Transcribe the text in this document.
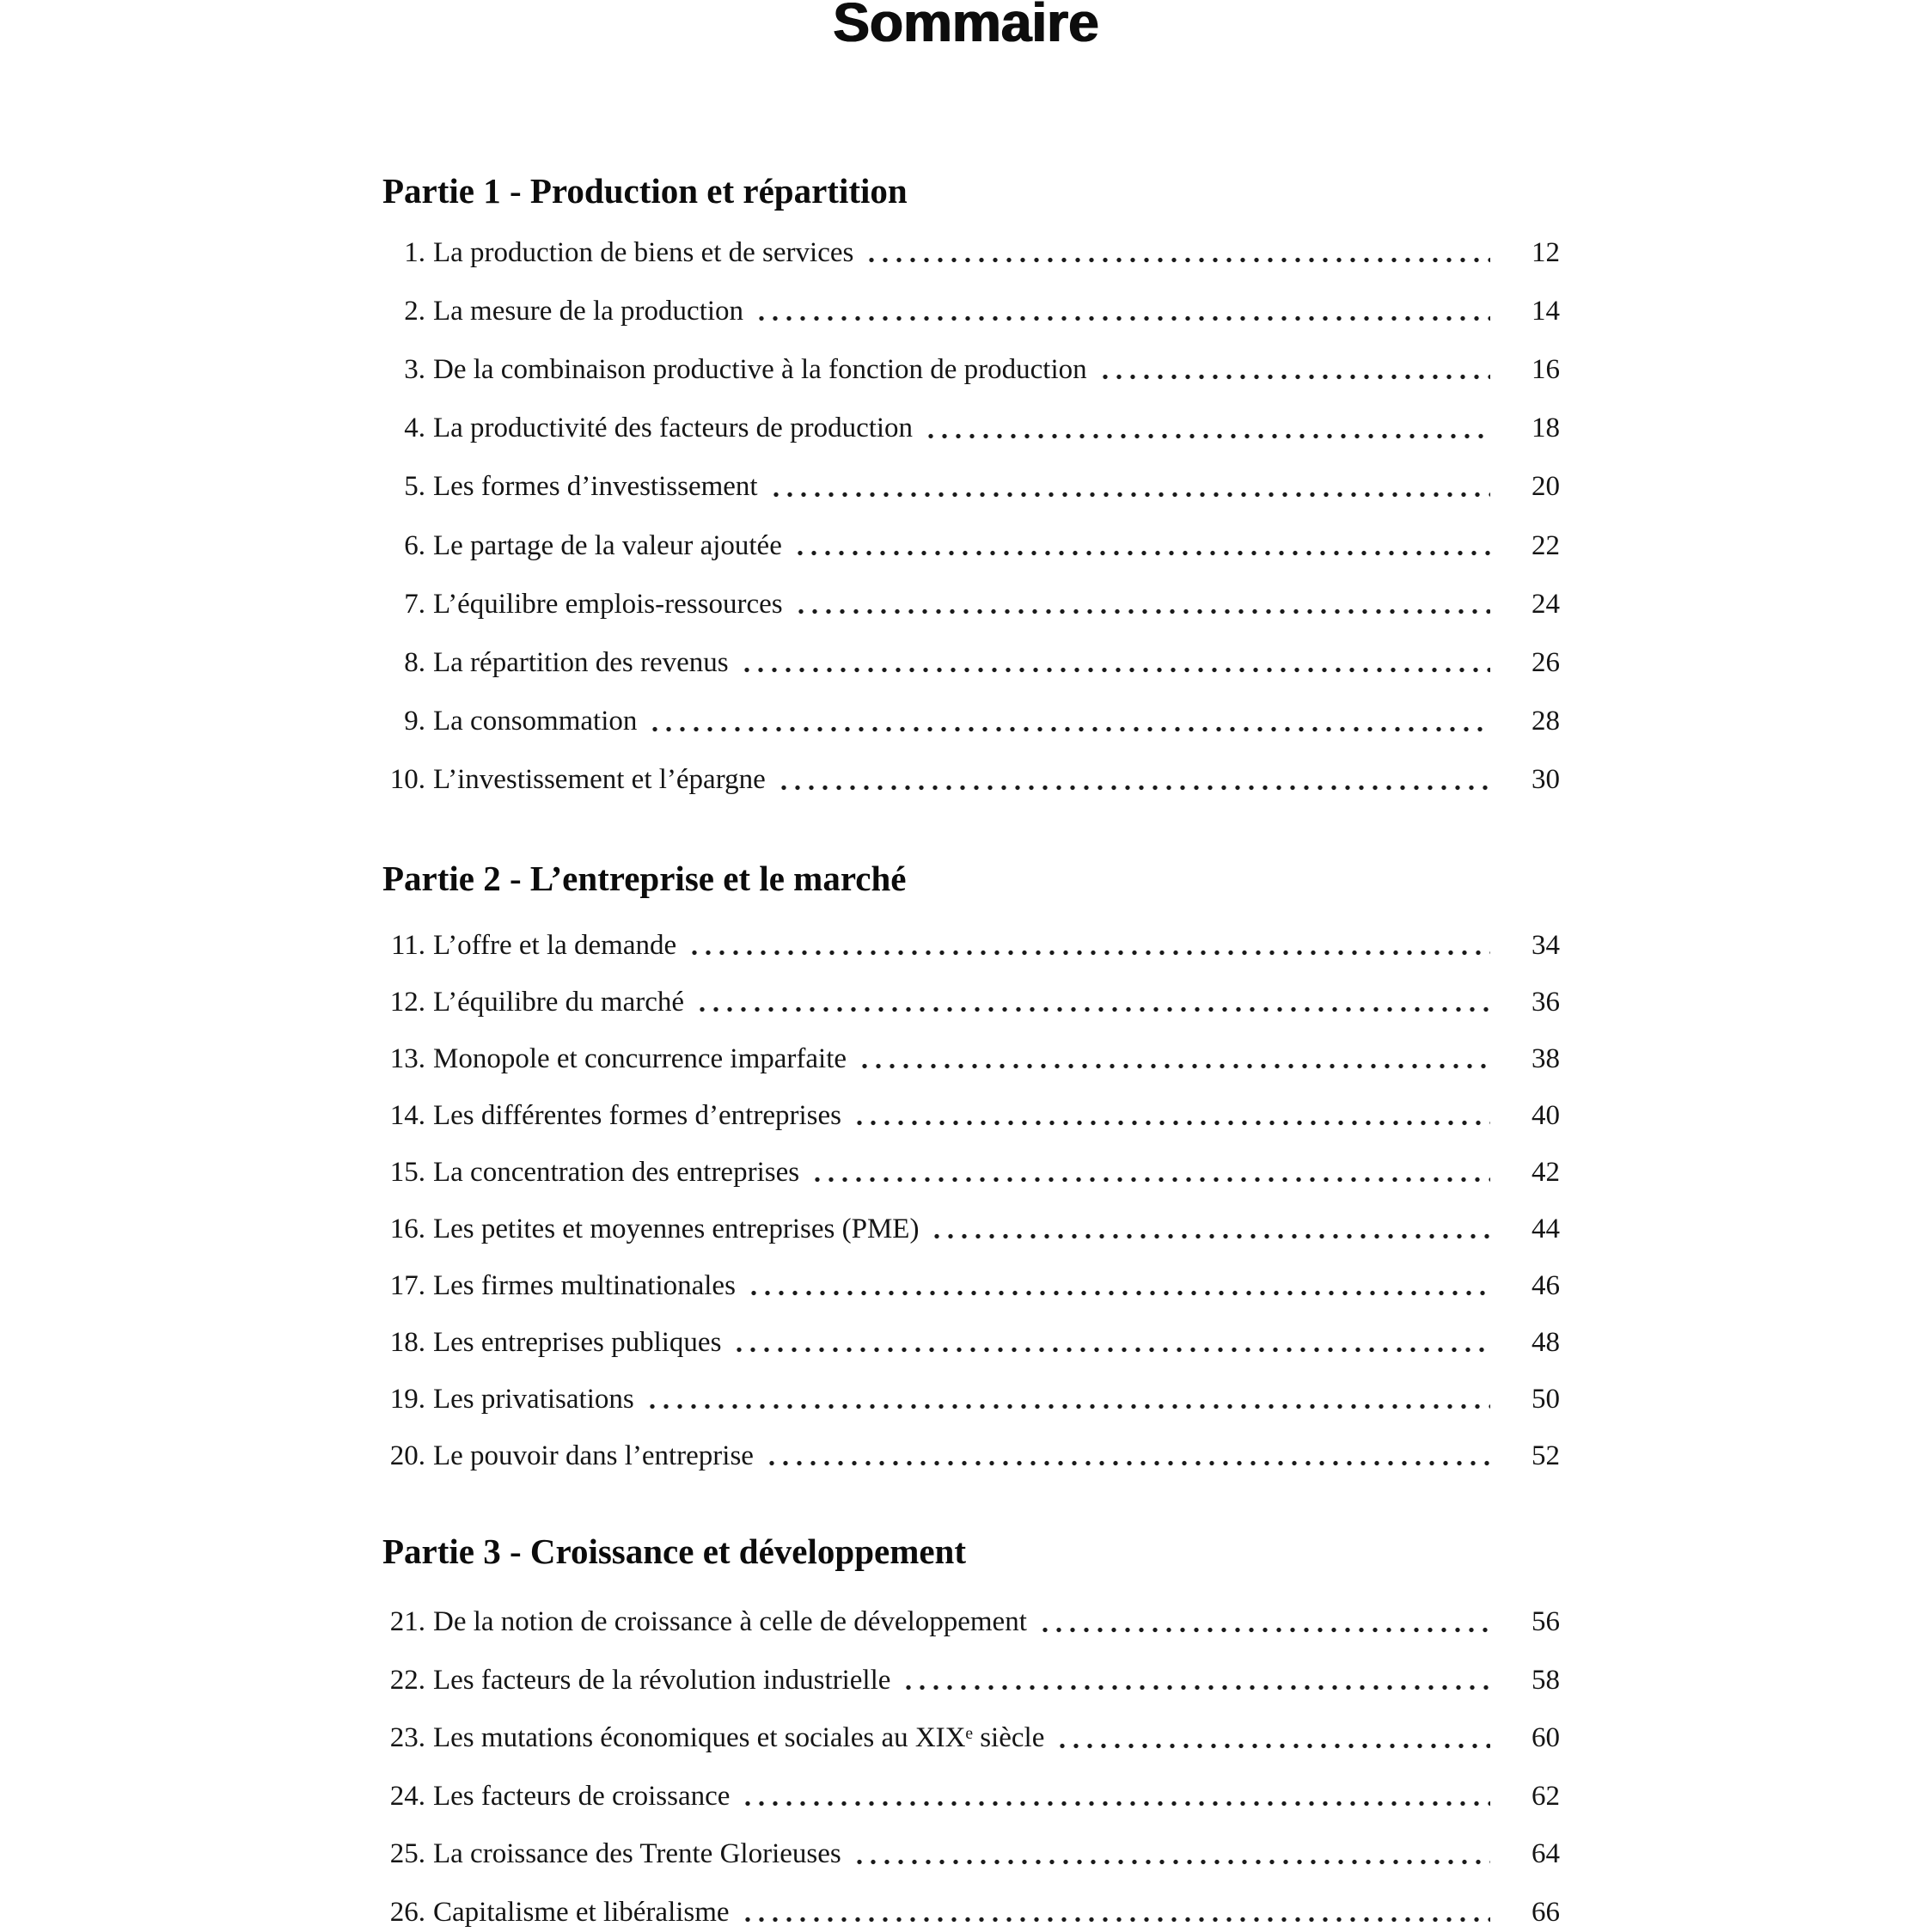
Sommaire
Partie 1 - Production et répartition
1. La production de biens et de services	12
2. La mesure de la production	14
3. De la combinaison productive à la fonction de production	16
4. La productivité des facteurs de production	18
5. Les formes d’investissement	20
6. Le partage de la valeur ajoutée	22
7. L’équilibre emplois-ressources	24
8. La répartition des revenus	26
9. La consommation	28
10. L’investissement et l’épargne	30
Partie 2 - L’entreprise et le marché
11. L’offre et la demande	34
12. L’équilibre du marché	36
13. Monopole et concurrence imparfaite	38
14. Les différentes formes d’entreprises	40
15. La concentration des entreprises	42
16. Les petites et moyennes entreprises (PME)	44
17. Les firmes multinationales	46
18. Les entreprises publiques	48
19. Les privatisations	50
20. Le pouvoir dans l’entreprise	52
Partie 3 - Croissance et développement
21. De la notion de croissance à celle de développement	56
22. Les facteurs de la révolution industrielle	58
23. Les mutations économiques et sociales au XIXᵉ siècle	60
24. Les facteurs de croissance	62
25. La croissance des Trente Glorieuses	64
26. Capitalisme et libéralisme	66
